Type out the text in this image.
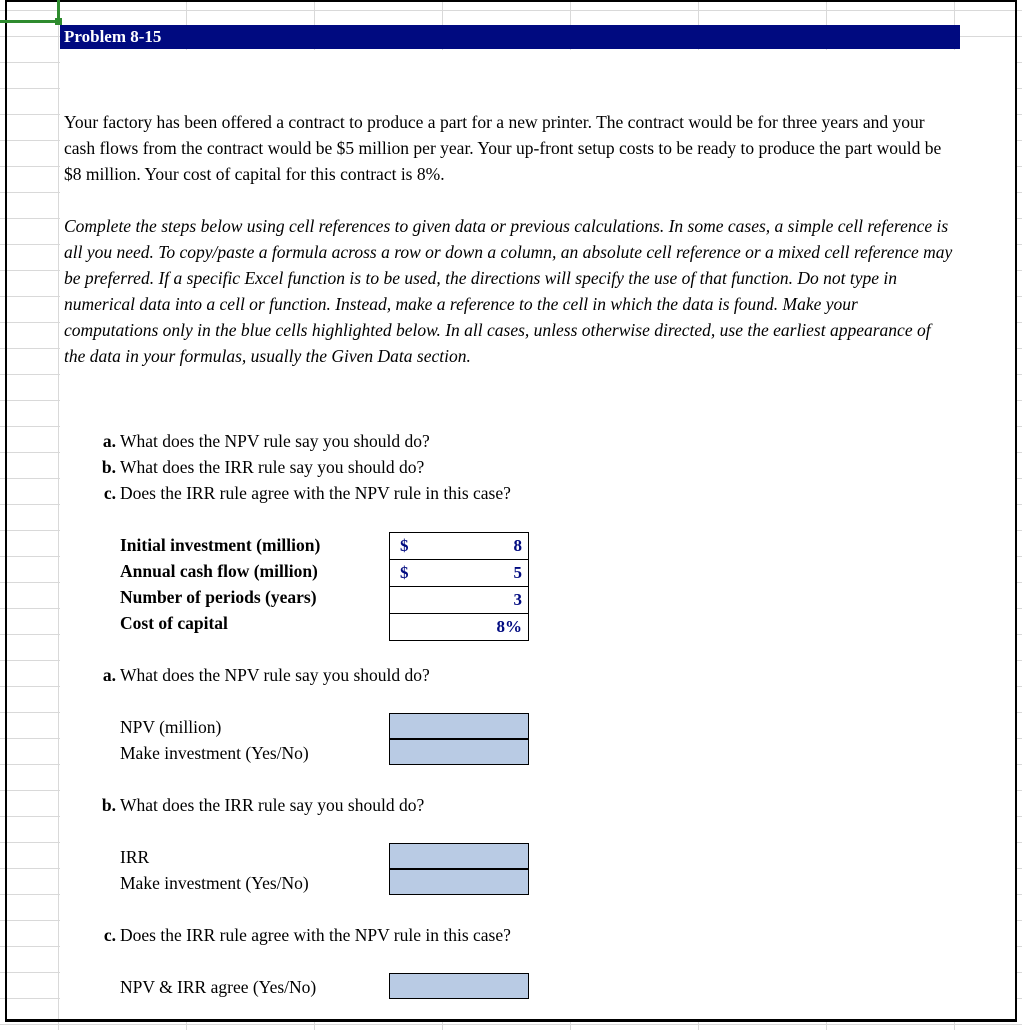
Problem 8-15
Your factory has been offered a contract to produce a part for a new printer. The contract would be for three years and your cash flows from the contract would be $5 million per year. Your up-front setup costs to be ready to produce the part would be $8 million. Your cost of capital for this contract is 8%.
Complete the steps below using cell references to given data or previous calculations. In some cases, a simple cell reference is all you need. To copy/paste a formula across a row or down a column, an absolute cell reference or a mixed cell reference may be preferred. If a specific Excel function is to be used, the directions will specify the use of that function. Do not type in numerical data into a cell or function. Instead, make a reference to the cell in which the data is found. Make your computations only in the blue cells highlighted below. In all cases, unless otherwise directed, use the earliest appearance of the data in your formulas, usually the Given Data section.
a. What does the NPV rule say you should do?
b. What does the IRR rule say you should do?
c. Does the IRR rule agree with the NPV rule in this case?
Initial investment (million)
Annual cash flow (million)
Number of periods (years)
Cost of capital
$	8
$	5
3
8%
a. What does the NPV rule say you should do?
NPV (million)
Make investment (Yes/No)
b. What does the IRR rule say you should do?
IRR
Make investment (Yes/No)
c. Does the IRR rule agree with the NPV rule in this case?
NPV & IRR agree (Yes/No)
